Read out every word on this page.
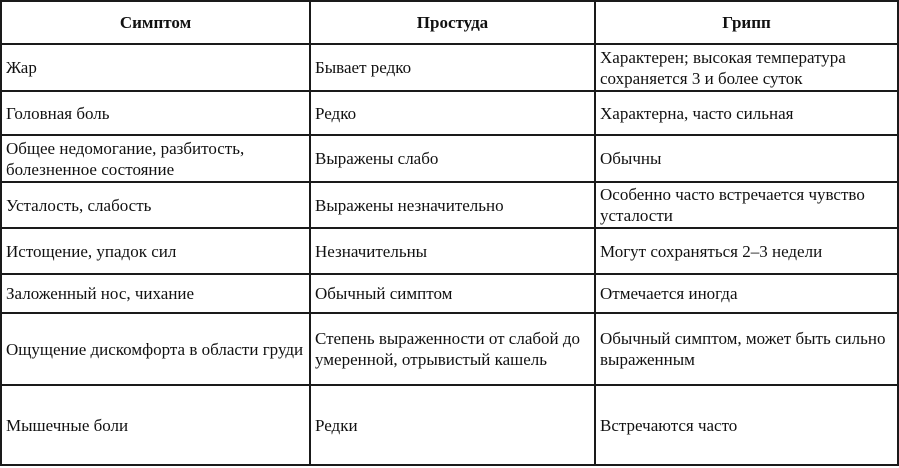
Симптом	Простуда	Грипп
Жар	Бывает редко	Характерен; высокая температура сохраняется 3 и более суток
Головная боль	Редко	Характерна, часто сильная
Общее недомогание, разбитость, болезненное состояние	Выражены слабо	Обычны
Усталость, слабость	Выражены незначительно	Особенно часто встречается чувство усталости
Истощение, упадок сил	Незначительны	Могут сохраняться 2–3 недели
Заложенный нос, чихание	Обычный симптом	Отмечается иногда
Ощущение дискомфорта в области груди	Степень выраженности от слабой до умеренной, отрывистый кашель	Обычный симптом, может быть сильно выраженным
Мышечные боли	Редки	Встречаются часто
